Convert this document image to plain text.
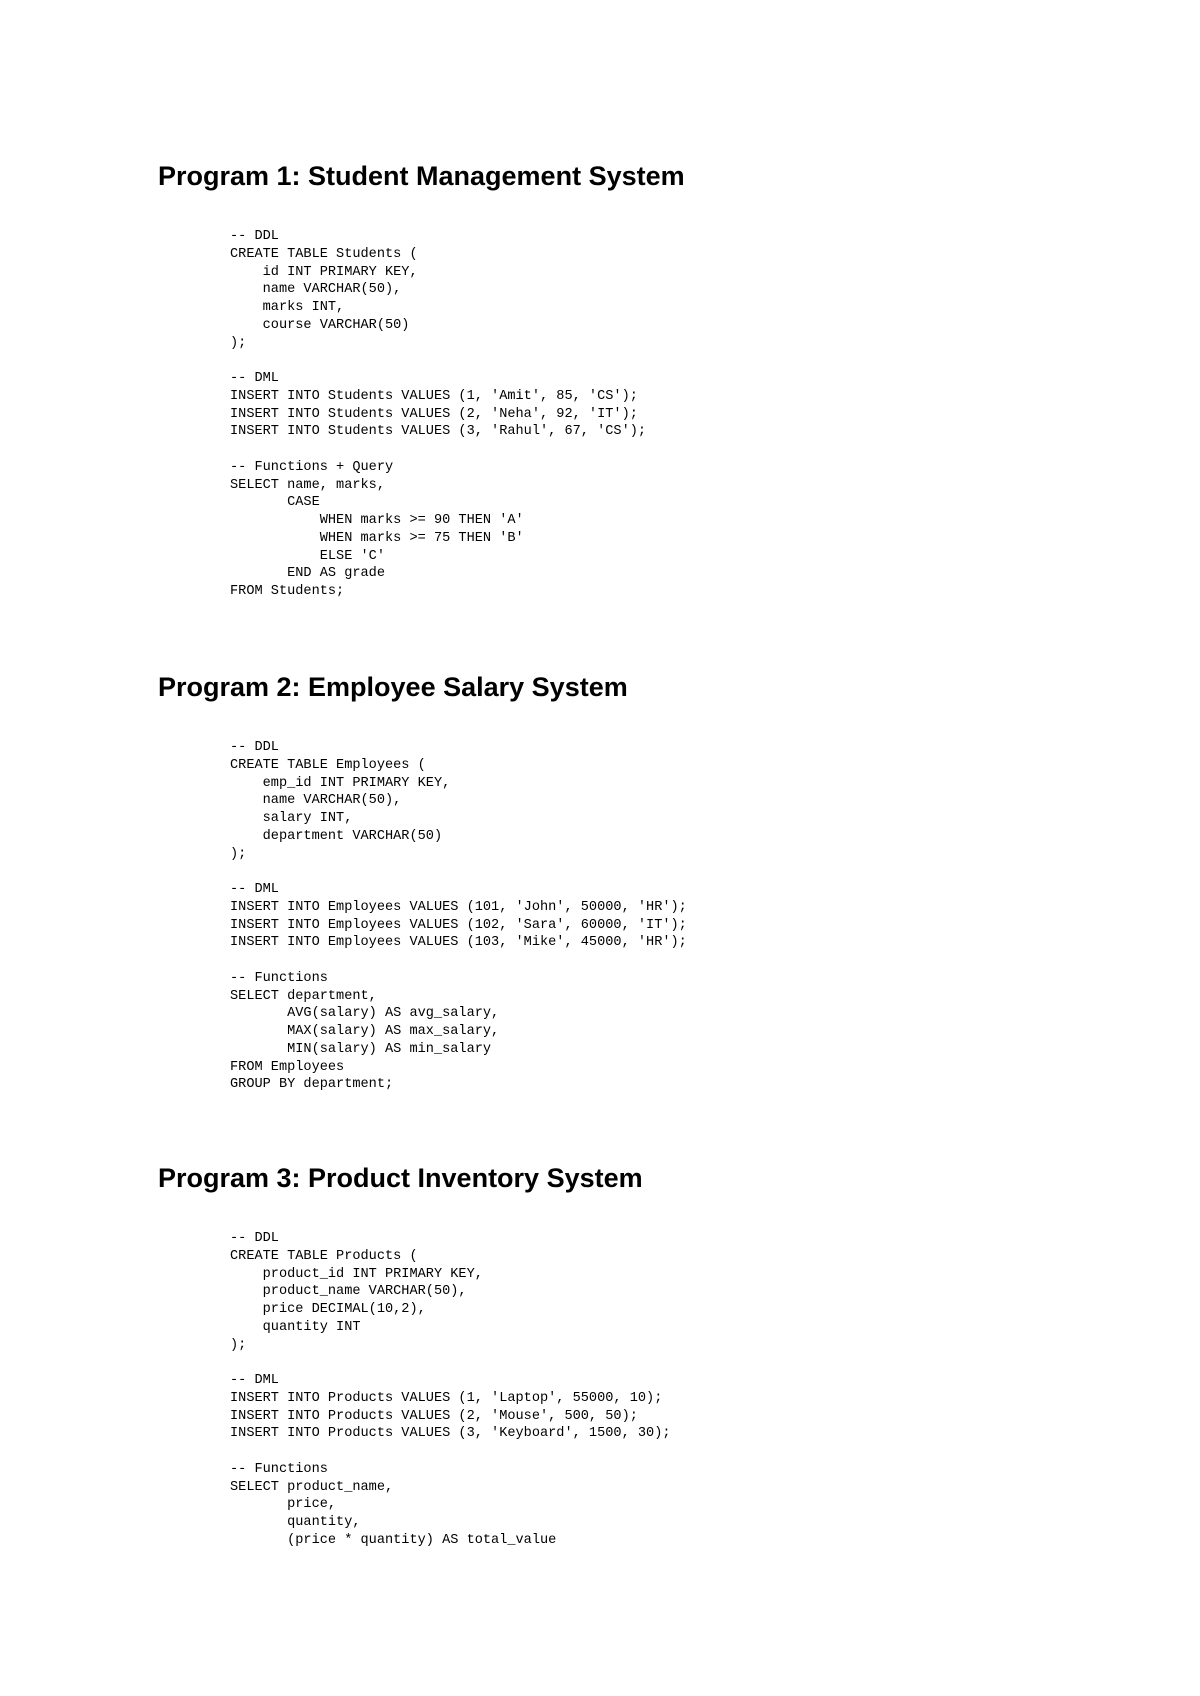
Program 1: Student Management System
-- DDL
CREATE TABLE Students (
id INT PRIMARY KEY,
name VARCHAR(50),
marks INT,
course VARCHAR(50)
);
-- DML
INSERT INTO Students VALUES (1, 'Amit', 85, 'CS');
INSERT INTO Students VALUES (2, 'Neha', 92, 'IT');
INSERT INTO Students VALUES (3, 'Rahul', 67, 'CS');
-- Functions + Query
SELECT name, marks,
CASE
WHEN marks >= 90 THEN 'A'
WHEN marks >= 75 THEN 'B'
ELSE 'C'
END AS grade
FROM Students;
Program 2: Employee Salary System
-- DDL
CREATE TABLE Employees (
emp_id INT PRIMARY KEY,
name VARCHAR(50),
salary INT,
department VARCHAR(50)
);
-- DML
INSERT INTO Employees VALUES (101, 'John', 50000, 'HR');
INSERT INTO Employees VALUES (102, 'Sara', 60000, 'IT');
INSERT INTO Employees VALUES (103, 'Mike', 45000, 'HR');
-- Functions
SELECT department,
AVG(salary) AS avg_salary,
MAX(salary) AS max_salary,
MIN(salary) AS min_salary
FROM Employees
GROUP BY department;
Program 3: Product Inventory System
-- DDL
CREATE TABLE Products (
product_id INT PRIMARY KEY,
product_name VARCHAR(50),
price DECIMAL(10,2),
quantity INT
);
-- DML
INSERT INTO Products VALUES (1, 'Laptop', 55000, 10);
INSERT INTO Products VALUES (2, 'Mouse', 500, 50);
INSERT INTO Products VALUES (3, 'Keyboard', 1500, 30);
-- Functions
SELECT product_name,
price,
quantity,
(price * quantity) AS total_value
